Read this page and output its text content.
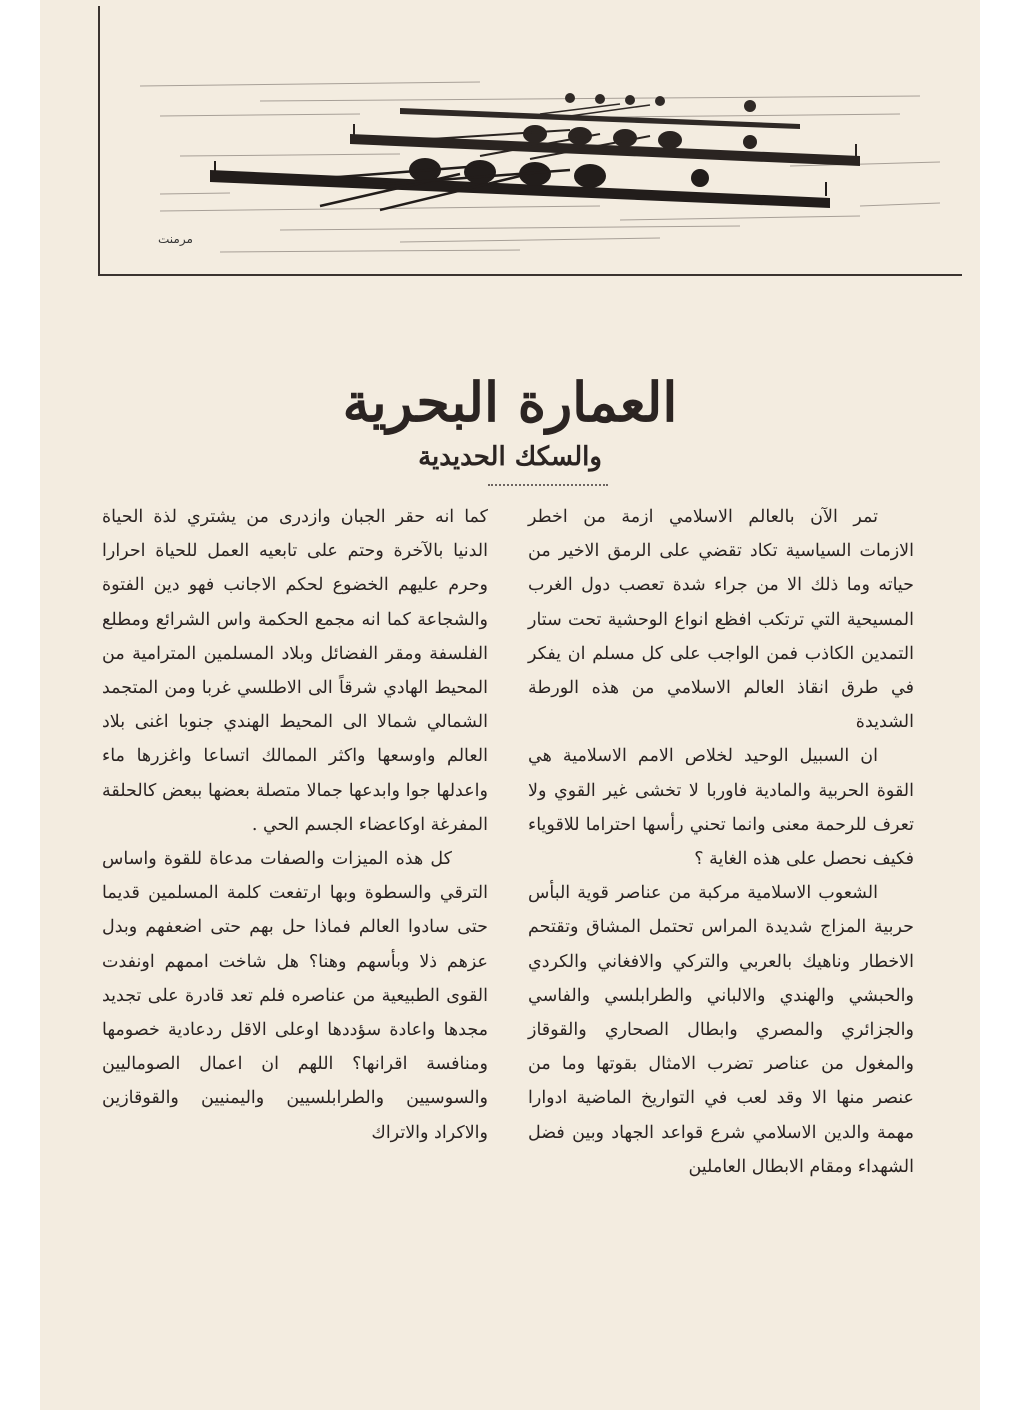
مرمنت
العمارة البحرية
والسكك الحديدية

تمر الآن بالعالم الاسلامي ازمة من اخطر الازمات السياسية تكاد تقضي على الرمق الاخير من حياته وما ذلك الا من جراء شدة تعصب دول الغرب المسيحية التي ترتكب افظع انواع الوحشية تحت ستار التمدين الكاذب فمن الواجب على كل مسلم ان يفكر في طرق انقاذ العالم الاسلامي من هذه الورطة الشديدة

ان السبيل الوحيد لخلاص الامم الاسلامية هي القوة الحربية والمادية فاوربا لا تخشى غير القوي ولا تعرف للرحمة معنى وانما تحني رأسها احتراما للاقوياء فكيف نحصل على هذه الغاية ؟

الشعوب الاسلامية مركبة من عناصر قوية البأس حربية المزاج شديدة المراس تحتمل المشاق وتقتحم الاخطار وناهيك بالعربي والتركي والافغاني والكردي والحبشي والهندي والالباني والطرابلسي والفاسي والجزائري والمصري وابطال الصحاري والقوقاز والمغول من عناصر تضرب الامثال بقوتها وما من عنصر منها الا وقد لعب في التواريخ الماضية ادوارا مهمة والدين الاسلامي شرع قواعد الجهاد وبين فضل الشهداء ومقام الابطال العاملين

كما انه حقر الجبان وازدرى من يشتري لذة الحياة الدنيا بالآخرة وحتم على تابعيه العمل للحياة احرارا وحرم عليهم الخضوع لحكم الاجانب فهو دين الفتوة والشجاعة كما انه مجمع الحكمة واس الشرائع ومطلع الفلسفة ومقر الفضائل وبلاد المسلمين المترامية من المحيط الهادي شرقاً الى الاطلسي غربا ومن المتجمد الشمالي شمالا الى المحيط الهندي جنوبا اغنى بلاد العالم واوسعها واكثر الممالك اتساعا واغزرها ماء واعدلها جوا وابدعها جمالا متصلة بعضها ببعض كالحلقة المفرغة اوكاعضاء الجسم الحي .

كل هذه الميزات والصفات مدعاة للقوة واساس الترقي والسطوة وبها ارتفعت كلمة المسلمين قديما حتى سادوا العالم فماذا حل بهم حتى اضعفهم وبدل عزهم ذلا وبأسهم وهنا؟ هل شاخت اممهم اونفدت القوى الطبيعية من عناصره فلم تعد قادرة على تجديد مجدها واعادة سؤددها اوعلى الاقل ردعادية خصومها ومنافسة اقرانها؟ اللهم ان اعمال الصوماليين والسوسيين والطرابلسيين واليمنيين والقوقازين والاكراد والاتراك
